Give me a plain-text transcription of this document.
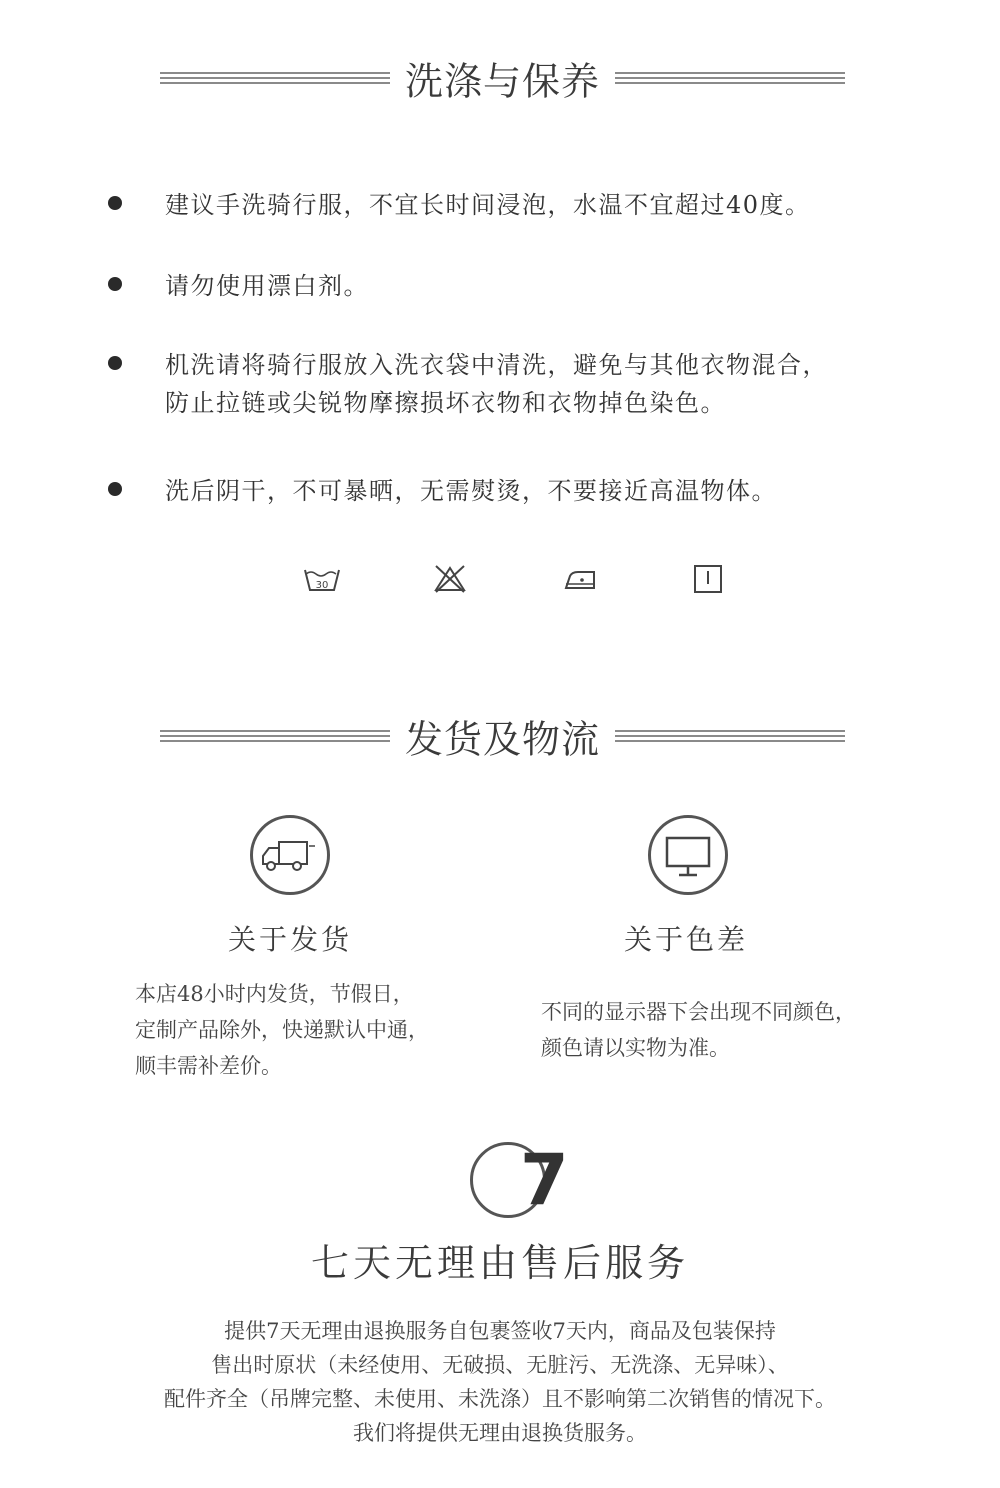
洗涤与保养
建议手洗骑行服，不宜长时间浸泡，水温不宜超过40度。
请勿使用漂白剂。
机洗请将骑行服放入洗衣袋中清洗，避免与其他衣物混合，
防止拉链或尖锐物摩擦损坏衣物和衣物掉色染色。
洗后阴干，不可暴晒，无需熨烫，不要接近高温物体。
30
发货及物流
关于发货
本店48小时内发货，节假日，
定制产品除外，快递默认中通，
顺丰需补差价。
关于色差
不同的显示器下会出现不同颜色，
颜色请以实物为准。
7
七天无理由售后服务
提供7天无理由退换服务自包裹签收7天内，商品及包装保持
售出时原状（未经使用、无破损、无脏污、无洗涤、无异味）、
配件齐全（吊牌完整、未使用、未洗涤）且不影响第二次销售的情况下。
我们将提供无理由退换货服务。
